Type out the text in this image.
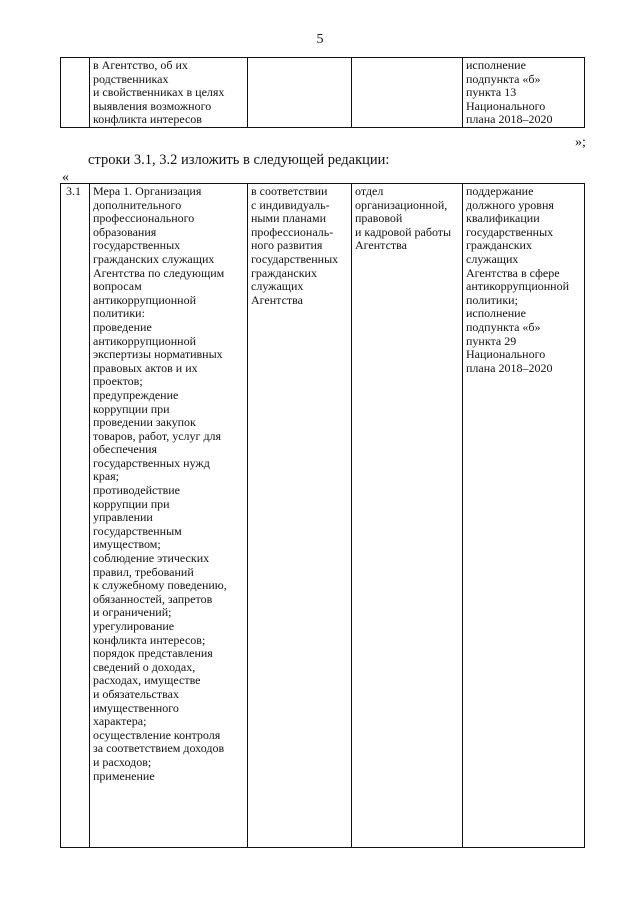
5
	в Агентство, об их
родственниках
и свойственниках в целях
выявления возможного
конфликта интересов			исполнение
подпункта «б»
пункта 13
Национального
плана 2018–2020
»;
строки 3.1, 3.2 изложить в следующей редакции:
«
3.1	Мера 1. Организация
дополнительного
профессионального
образования
государственных
гражданских служащих
Агентства по следующим
вопросам
антикоррупционной
политики:
проведение
антикоррупционной
экспертизы нормативных
правовых актов и их
проектов;
предупреждение
коррупции при
проведении закупок
товаров, работ, услуг для
обеспечения
государственных нужд
края;
противодействие
коррупции при
управлении
государственным
имуществом;
соблюдение этических
правил, требований
к служебному поведению,
обязанностей, запретов
и ограничений;
урегулирование
конфликта интересов;
порядок представления
сведений о доходах,
расходах, имуществе
и обязательствах
имущественного
характера;
осуществление контроля
за соответствием доходов
и расходов;
применение	в соответствии
с индивидуаль-
ными планами
профессиональ-
ного развития
государственных
гражданских
служащих
Агентства	отдел
организационной,
правовой
и кадровой работы
Агентства	поддержание
должного уровня
квалификации
государственных
гражданских
служащих
Агентства в сфере
антикоррупционной
политики;
исполнение
подпункта «б»
пункта 29
Национального
плана 2018–2020
